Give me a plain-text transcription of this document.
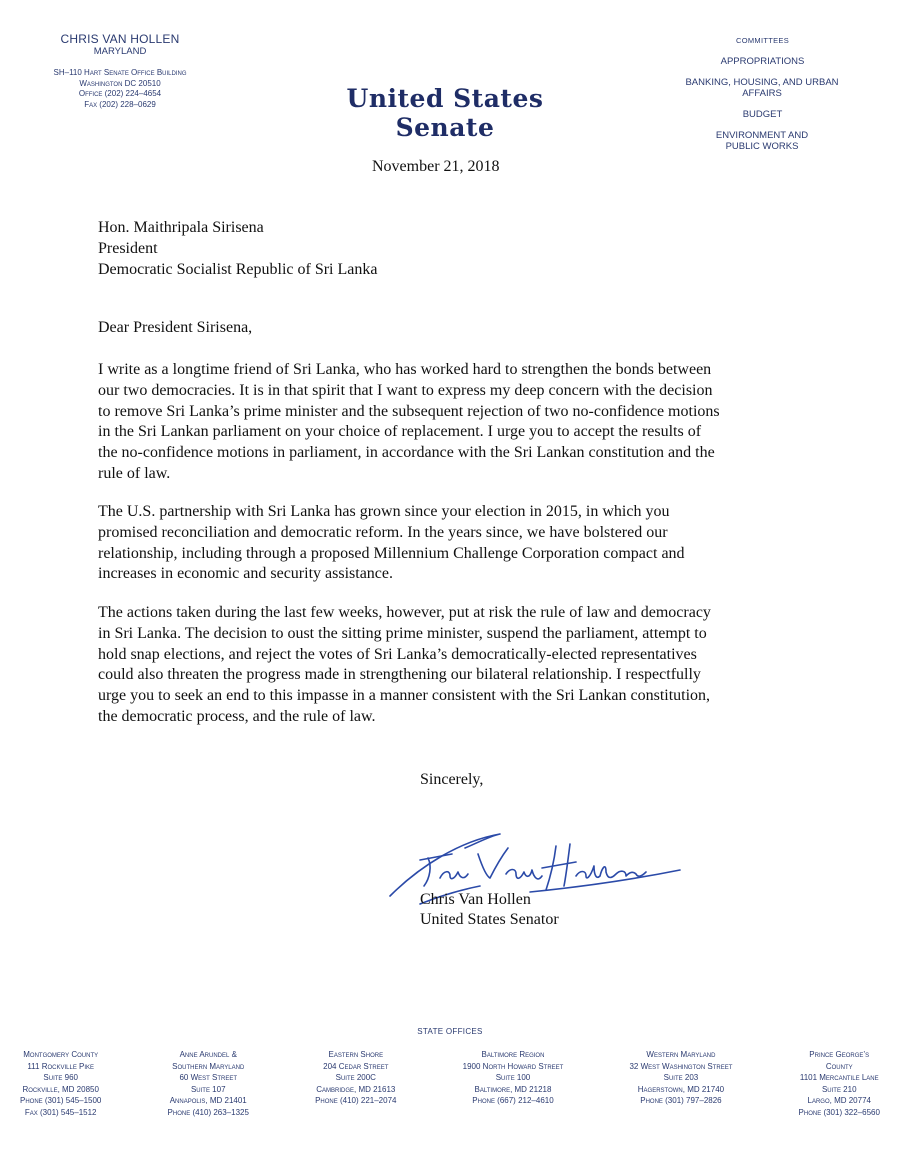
CHRIS VAN HOLLEN
MARYLAND
SH–110 Hart Senate Office Building
Washington DC 20510
Office (202) 224–4654
Fax (202) 228–0629	United States Senate
COMMITTEES
APPROPRIATIONS
BANKING, HOUSING, AND URBAN AFFAIRS
BUDGET
ENVIRONMENT AND PUBLIC WORKS
November 21, 2018
Hon. Maithripala Sirisena
President
Democratic Socialist Republic of Sri Lanka
Dear President Sirisena,
I write as a longtime friend of Sri Lanka, who has worked hard to strengthen the bonds between
our two democracies. It is in that spirit that I want to express my deep concern with the decision
to remove Sri Lanka’s prime minister and the subsequent rejection of two no-confidence motions
in the Sri Lankan parliament on your choice of replacement. I urge you to accept the results of
the no-confidence motions in parliament, in accordance with the Sri Lankan constitution and the
rule of law.
The U.S. partnership with Sri Lanka has grown since your election in 2015, in which you
promised reconciliation and democratic reform. In the years since, we have bolstered our
relationship, including through a proposed Millennium Challenge Corporation compact and
increases in economic and security assistance.
The actions taken during the last few weeks, however, put at risk the rule of law and democracy
in Sri Lanka. The decision to oust the sitting prime minister, suspend the parliament, attempt to
hold snap elections, and reject the votes of Sri Lanka’s democratically-elected representatives
could also threaten the progress made in strengthening our bilateral relationship. I respectfully
urge you to seek an end to this impasse in a manner consistent with the Sri Lankan constitution,
the democratic process, and the rule of law.
Sincerely,
Chris Van Hollen
United States Senator
STATE OFFICES
Montgomery County
111 Rockville Pike
Suite 960
Rockville, MD 20850
Phone (301) 545–1500
Fax (301) 545–1512
Anne Arundel &
Southern Maryland
60 West Street
Suite 107
Annapolis, MD 21401
Phone (410) 263–1325
Eastern Shore
204 Cedar Street
Suite 200C
Cambridge, MD 21613
Phone (410) 221–2074
Baltimore Region
1900 North Howard Street
Suite 100
Baltimore, MD 21218
Phone (667) 212–4610
Western Maryland
32 West Washington Street
Suite 203
Hagerstown, MD 21740
Phone (301) 797–2826
Prince George’s
County
1101 Mercantile Lane
Suite 210
Largo, MD 20774
Phone (301) 322–6560
